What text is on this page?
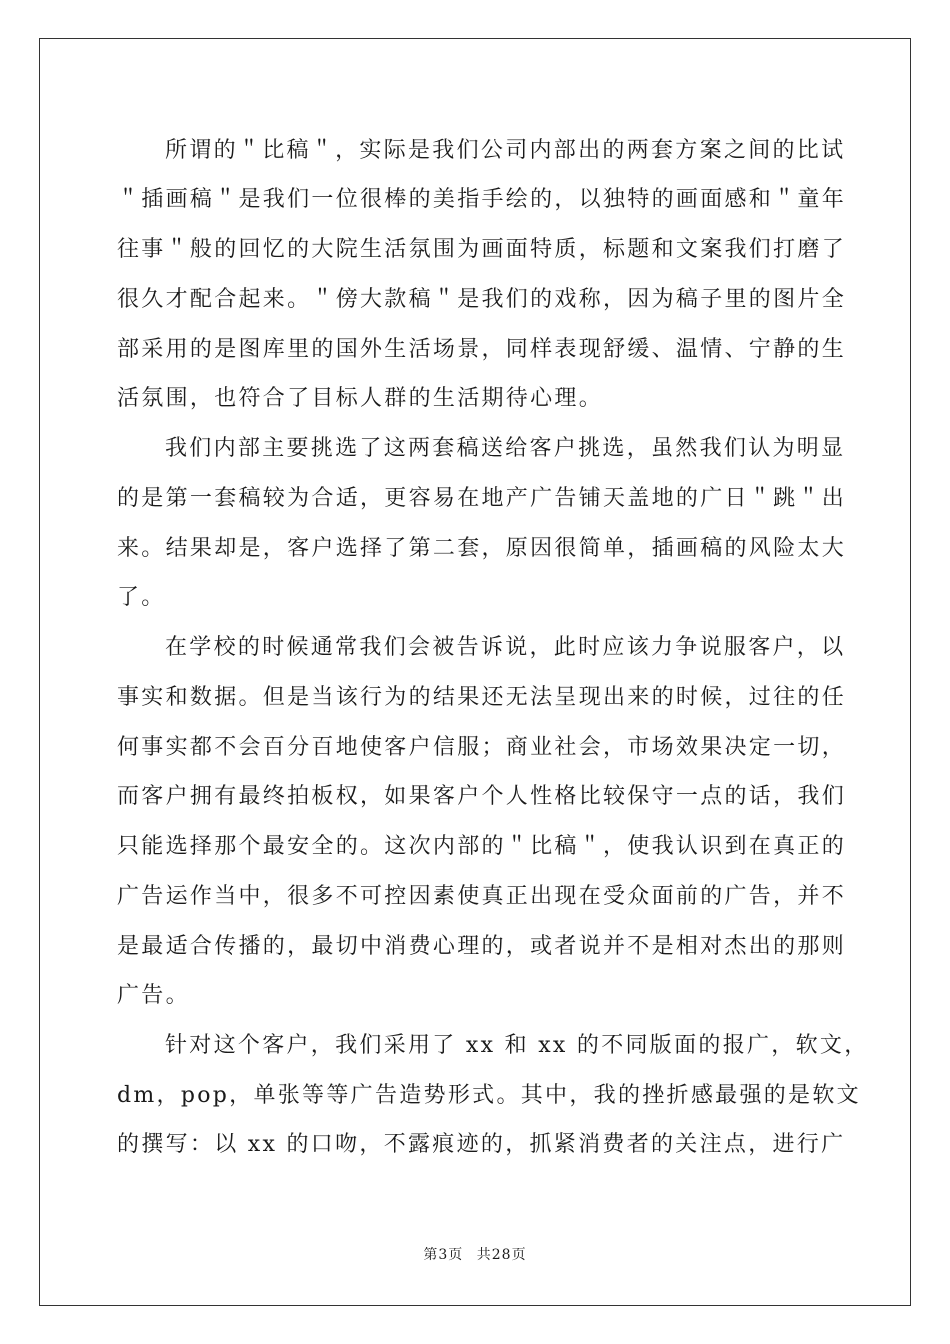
所谓的＂比稿＂，实际是我们公司内部出的两套方案之间的比试
＂插画稿＂是我们一位很棒的美指手绘的，以独特的画面感和＂童年
往事＂般的回忆的大院生活氛围为画面特质，标题和文案我们打磨了
很久才配合起来。＂傍大款稿＂是我们的戏称，因为稿子里的图片全
部采用的是图库里的国外生活场景，同样表现舒缓、温情、宁静的生
活氛围，也符合了目标人群的生活期待心理。
我们内部主要挑选了这两套稿送给客户挑选，虽然我们认为明显
的是第一套稿较为合适，更容易在地产广告铺天盖地的广日＂跳＂出
来。结果却是，客户选择了第二套，原因很简单，插画稿的风险太大
了。
在学校的时候通常我们会被告诉说，此时应该力争说服客户，以
事实和数据。但是当该行为的结果还无法呈现出来的时候，过往的任
何事实都不会百分百地使客户信服；商业社会，市场效果决定一切，
而客户拥有最终拍板权，如果客户个人性格比较保守一点的话，我们
只能选择那个最安全的。这次内部的＂比稿＂，使我认识到在真正的
广告运作当中，很多不可控因素使真正出现在受众面前的广告，并不
是最适合传播的，最切中消费心理的，或者说并不是相对杰出的那则
广告。
针对这个客户，我们采用了 xx 和 xx 的不同版面的报广，软文，
dm，pop，单张等等广告造势形式。其中，我的挫折感最强的是软文
的撰写：以 xx 的口吻，不露痕迹的，抓紧消费者的关注点，进行广
第3页 共28页
